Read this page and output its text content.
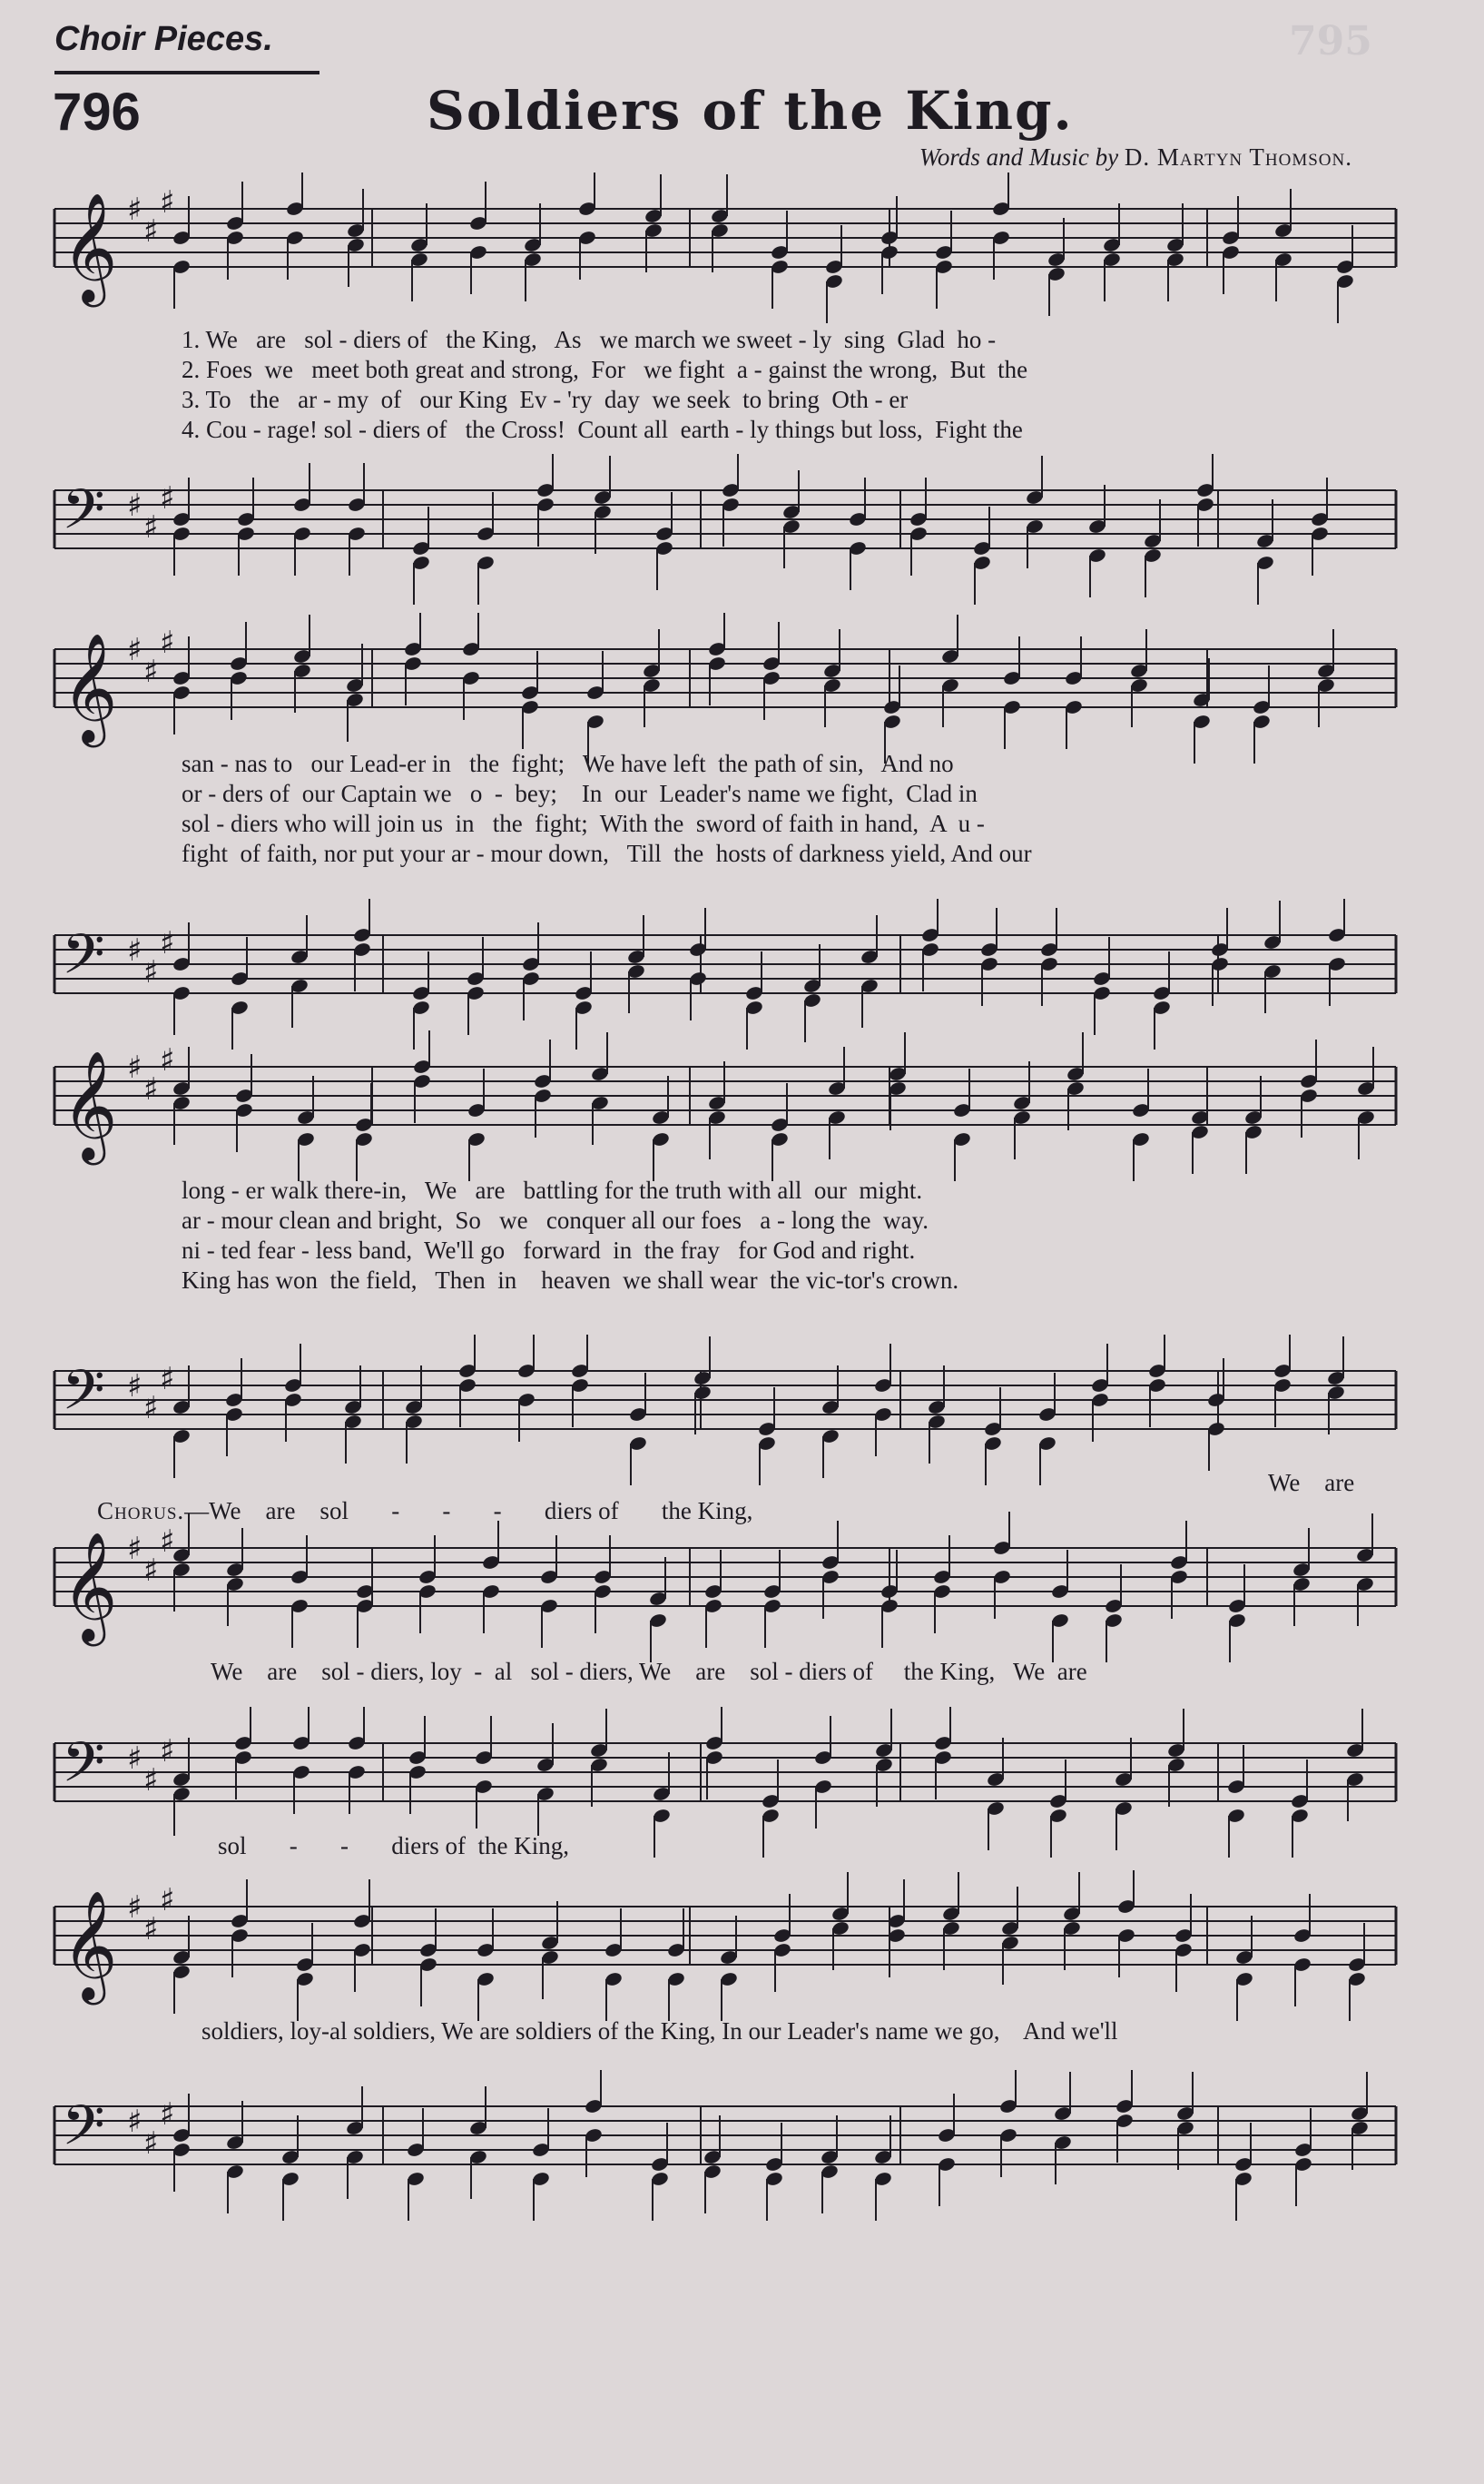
795
Choir Pieces.
796	Soldiers of the King.
Words and Music by D. Martyn Thomson.
𝄞 ♯
♯
♯
𝄢 ♯
♯
♯
1. We   are   sol - diers of   the King,   As   we march we sweet - ly  sing  Glad  ho -
2. Foes  we   meet both great and strong,  For   we fight  a - gainst the wrong,  But  the
3. To   the   ar - my  of   our King  Ev - 'ry  day  we seek  to bring  Oth - er
4. Cou - rage! sol - diers of   the Cross!  Count all  earth - ly things but loss,  Fight the
𝄞 ♯
♯
♯
𝄢 ♯
♯
♯
san - nas to   our Lead-er in   the  fight;   We have left  the path of sin,   And no
or - ders of  our Captain we   o  -  bey;    In  our  Leader's name we fight,  Clad in
sol - diers who will join us  in   the  fight;  With the  sword of faith in hand,  A  u -
fight  of faith, nor put your ar - mour down,   Till  the  hosts of darkness yield, And our
𝄞 ♯
♯
♯
𝄢 ♯
♯
♯
long - er walk there-in,   We   are   battling for the truth with all  our  might.
ar - mour clean and bright,  So   we   conquer all our foes   a - long the  way.
ni - ted fear - less band,  We'll go   forward  in  the fray   for God and right.
King has won  the field,   Then  in    heaven  we shall wear  the vic-tor's crown.

Chorus.—We    are    sol       -       -       -       diers of       the King,

We    are
𝄞 ♯
♯
♯
We    are    sol - diers, loy  -  al   sol - diers, We    are    sol - diers of     the King,   We  are
𝄢 ♯
♯
♯
sol       -       -       diers of  the King,
𝄞 ♯
♯
♯
soldiers, loy-al soldiers, We are soldiers of the King, In our Leader's name we go,    And we'll
𝄢 ♯
♯
♯
